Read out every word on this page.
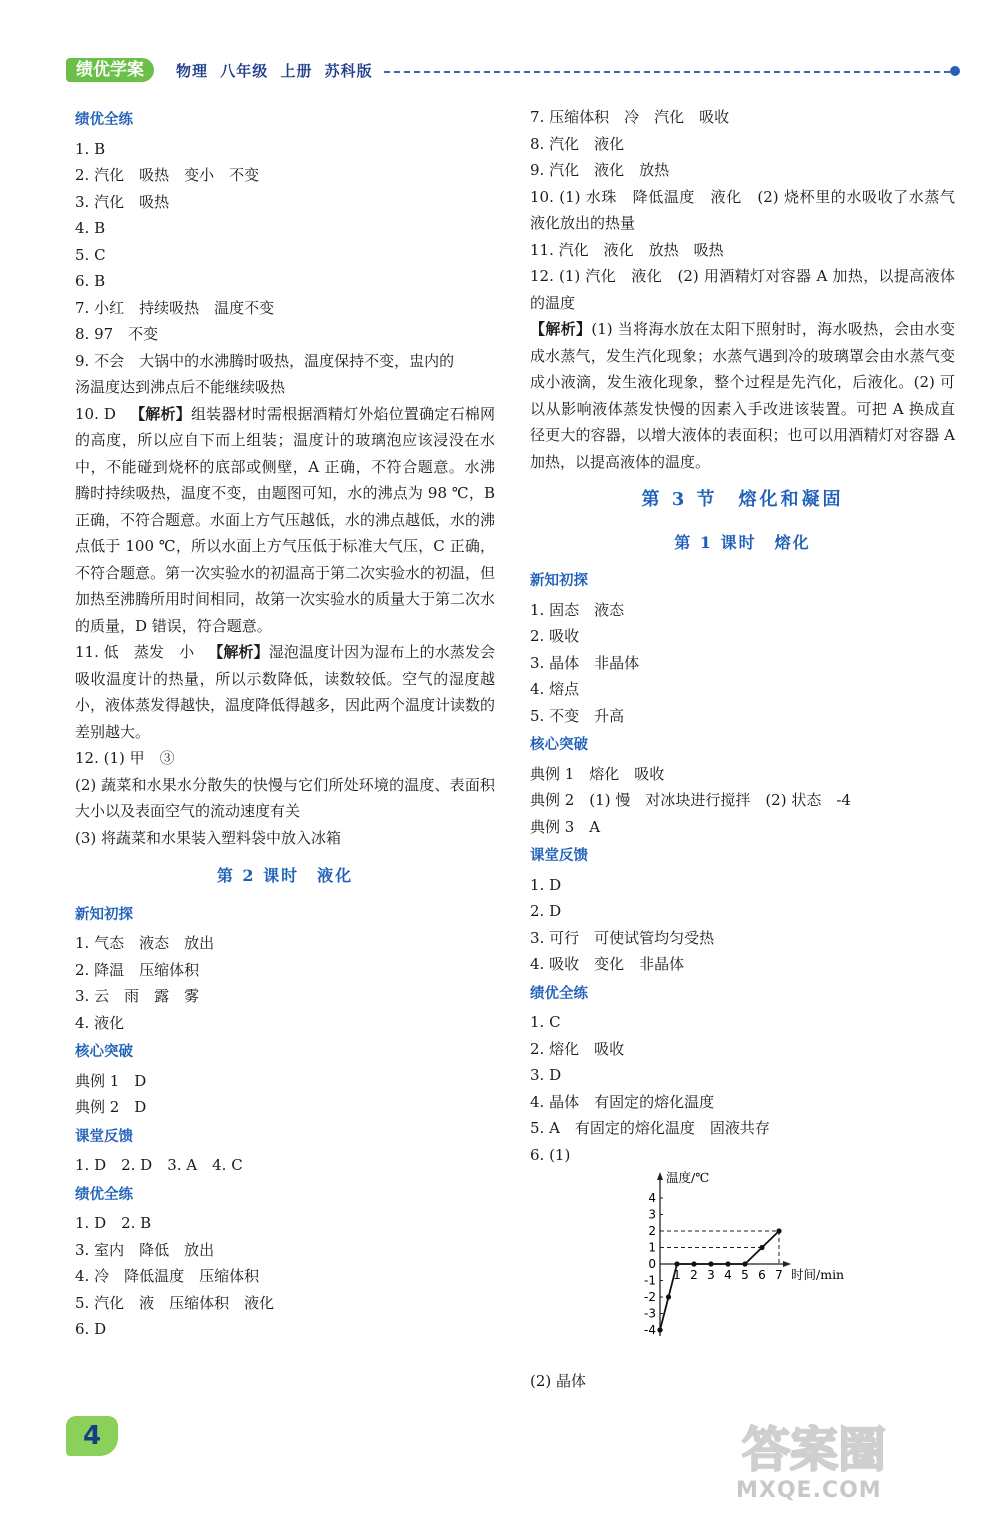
绩优学案	物理 八年级 上册 苏科版

绩优全练

1. B

2. 汽化　吸热　变小　不变

3. 汽化　吸热

4. B

5. C

6. B

7. 小红　持续吸热　温度不变

8. 97　不变

9. 不会　大锅中的水沸腾时吸热，温度保持不变，盅内的

汤温度达到沸点后不能继续吸热

10. D 【解析】组装器材时需根据酒精灯外焰位置确定石棉网的高度，所以应自下而上组装；温度计的玻璃泡应该浸没在水中，不能碰到烧杯的底部或侧壁，A 正确，不符合题意。水沸腾时持续吸热，温度不变，由题图可知，水的沸点为 98 ℃，B 正确，不符合题意。水面上方气压越低，水的沸点越低，水的沸点低于 100 ℃，所以水面上方气压低于标准大气压，C 正确，不符合题意。第一次实验水的初温高于第二次实验水的初温，但加热至沸腾所用时间相同，故第一次实验水的质量大于第二次水的质量，D 错误，符合题意。

11. 低　蒸发　小 【解析】湿泡温度计因为湿布上的水蒸发会吸收温度计的热量，所以示数降低，读数较低。空气的湿度越小，液体蒸发得越快，温度降低得越多，因此两个温度计读数的差别越大。

12. (1) 甲　③

(2) 蔬菜和水果水分散失的快慢与它们所处环境的温度、表面积大小以及表面空气的流动速度有关

(3) 将蔬菜和水果装入塑料袋中放入冰箱

第 2 课时　液化

新知初探

1. 气态　液态　放出

2. 降温　压缩体积

3. 云　雨　露　雾

4. 液化

核心突破

典例 1　D

典例 2　D

课堂反馈

1. D　2. D　3. A　4. C

绩优全练

1. D　2. B

3. 室内　降低　放出

4. 冷　降低温度　压缩体积

5. 汽化　液　压缩体积　液化

6. D

7. 压缩体积　冷　汽化　吸收

8. 汽化　液化

9. 汽化　液化　放热

10. (1) 水珠　降低温度　液化　(2) 烧杯里的水吸收了水蒸气液化放出的热量

11. 汽化　液化　放热　吸热

12. (1) 汽化　液化　(2) 用酒精灯对容器 A 加热，以提高液体的温度

【解析】(1) 当将海水放在太阳下照射时，海水吸热，会由水变成水蒸气，发生汽化现象；水蒸气遇到冷的玻璃罩会由水蒸气变成小液滴，发生液化现象，整个过程是先汽化，后液化。(2) 可以从影响液体蒸发快慢的因素入手改进该装置。可把 A 换成直径更大的容器，以增大液体的表面积；也可以用酒精灯对容器 A 加热，以提高液体的温度。

第 3 节　熔化和凝固

第 1 课时　熔化

新知初探

1. 固态　液态

2. 吸收

3. 晶体　非晶体

4. 熔点

5. 不变　升高

核心突破

典例 1　熔化　吸收

典例 2　(1) 慢　对冰块进行搅拌　(2) 状态　-4

典例 3　A

课堂反馈

1. D

2. D

3. 可行　可使试管均匀受热

4. 吸收　变化　非晶体

绩优全练

1. C

2. 熔化　吸收

3. D

4. 晶体　有固定的熔化温度

5. A　有固定的熔化温度　固液共存

6. (1)

4
3
2
1
0
-1
-2
-3
-4
1 2 3 4 5 6 7
温度/℃
时间/min

(2) 晶体

4	答案圈
MXQE.COM
